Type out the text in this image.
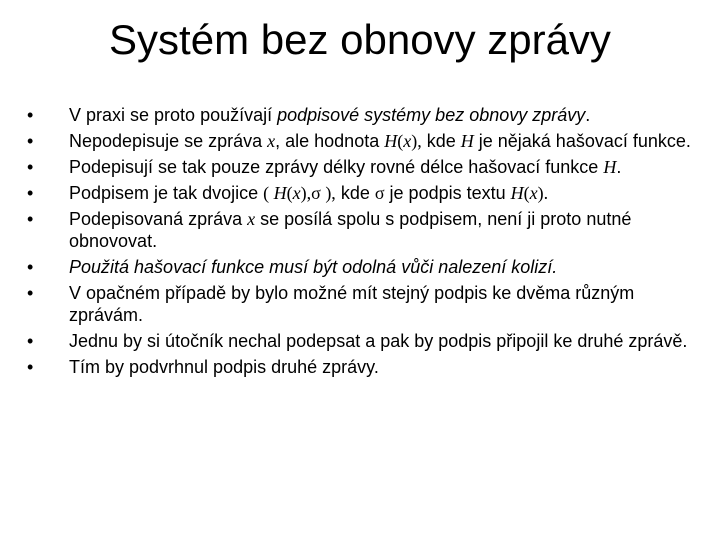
Systém bez obnovy zprávy
•	V praxi se proto používají podpisové systémy bez obnovy zprávy.
•	Nepodepisuje se zpráva x, ale hodnota H(x), kde H je nějaká hašovací funkce.
•	Podepisují se tak pouze zprávy délky rovné délce hašovací funkce H.
•	Podpisem je tak dvojice ( H(x),σ ), kde σ je podpis textu H(x).
•	Podepisovaná zpráva x se posílá spolu s podpisem, není ji proto nutné obnovovat.
•	Použitá hašovací funkce musí být odolná vůči nalezení kolizí.
•	V opačném případě by bylo možné mít stejný podpis ke dvěma různým zprávám.
•	Jednu by si útočník nechal podepsat a pak by podpis připojil ke druhé zprávě.
•	Tím by podvrhnul podpis druhé zprávy.
